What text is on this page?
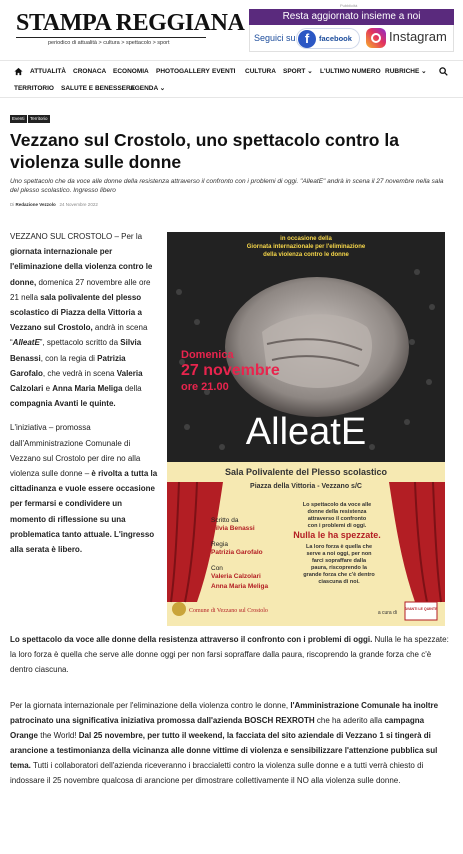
STAMPA REGGIANA
periodico di attualità > cultura > spettacolo > sport
Pubblicità
Resta aggiornato insieme a noi
Seguici su f	facebook	Instagram
ATTUALITÀ CRONACA ECONOMIA PHOTOGALLERY EVENTI CULTURA SPORT ⌄ L'ULTIMO NUMERO RUBRICHE ⌄
TERRITORIO SALUTE E BENESSERE
AGENDA ⌄
Eventi	Territorio
Vezzano sul Crostolo, uno spettacolo contro la violenza sulle donne
Uno spettacolo che da voce alle donne della resistenza attraverso il confronto con i problemi di oggi. "AlleatE" andrà in scena il 27 novembre nella sala del plesso scolastico. Ingresso libero
Di Redazione Vezzolo 24 Novembre 2022

VEZZANO SUL CROSTOLO – Per la giornata internazionale per l'eliminazione della violenza contro le donne, domenica 27 novembre alle ore 21 nella sala polivalente del plesso scolastico di Piazza della Vittoria a Vezzano sul Crostolo, andrà in scena “AlleatE”, spettacolo scritto da Silvia Benassi, con la regia di Patrizia Garofalo, che vedrà in scena Valeria Calzolari e Anna Maria Meliga della compagnia Avanti le quinte.

L'iniziativa – promossa dall'Amministrazione Comunale di Vezzano sul Crostolo per dire no alla violenza sulle donne – è rivolta a tutta la cittadinanza e vuole essere occasione per fermarsi e condividere un momento di riflessione su una problematica tanto attuale. L'ingresso alla serata è libero.

AVANTI LE QUINTE
in occasione della
Giornata internazionale per l'eliminazione
della violenza contro le donne
Domenica
27 novembre
ore 21.00
AlleatE
Sala Polivalente del Plesso scolastico
Piazza della Vittoria - Vezzano s/C
Scritto da
Silvia Benassi
Regia
Patrizia Garofalo
Con
Valeria Calzolari
Anna Maria Meliga
Lo spettacolo da voce alle
donne della resistenza
attraverso il confronto
con i problemi di oggi.
Nulla le ha spezzate.
La loro forza è quella che
serve a noi oggi, per non
farci sopraffare dalla
paura, riscoprendo la
grande forza che c'è dentro
ciascuna di noi.
Comune di Vezzano sul Crostolo	a cura di
Lo spettacolo da voce alle donne della resistenza attraverso il confronto con i problemi di oggi. Nulla le ha spezzate: la loro forza è quella che serve alle donne oggi per non farsi sopraffare dalla paura, riscoprendo la grande forza che c'è dentro ciascuna.
Per la giornata internazionale per l'eliminazione della violenza contro le donne, l'Amministrazione Comunale ha inoltre patrocinato una significativa iniziativa promossa dall'azienda BOSCH REXROTH che ha aderito alla campagna Orange the World! Dal 25 novembre, per tutto il weekend, la facciata del sito aziendale di Vezzano 1 si tingerà di arancione a testimonianza della vicinanza alle donne vittime di violenza e sensibilizzare l'attenzione pubblica sul tema. Tutti i collaboratori dell'azienda riceveranno i braccialetti contro la violenza sulle donne e a tutti verrà chiesto di indossare il 25 novembre qualcosa di arancione per dimostrare collettivamente il NO alla violenza sulle donne.
